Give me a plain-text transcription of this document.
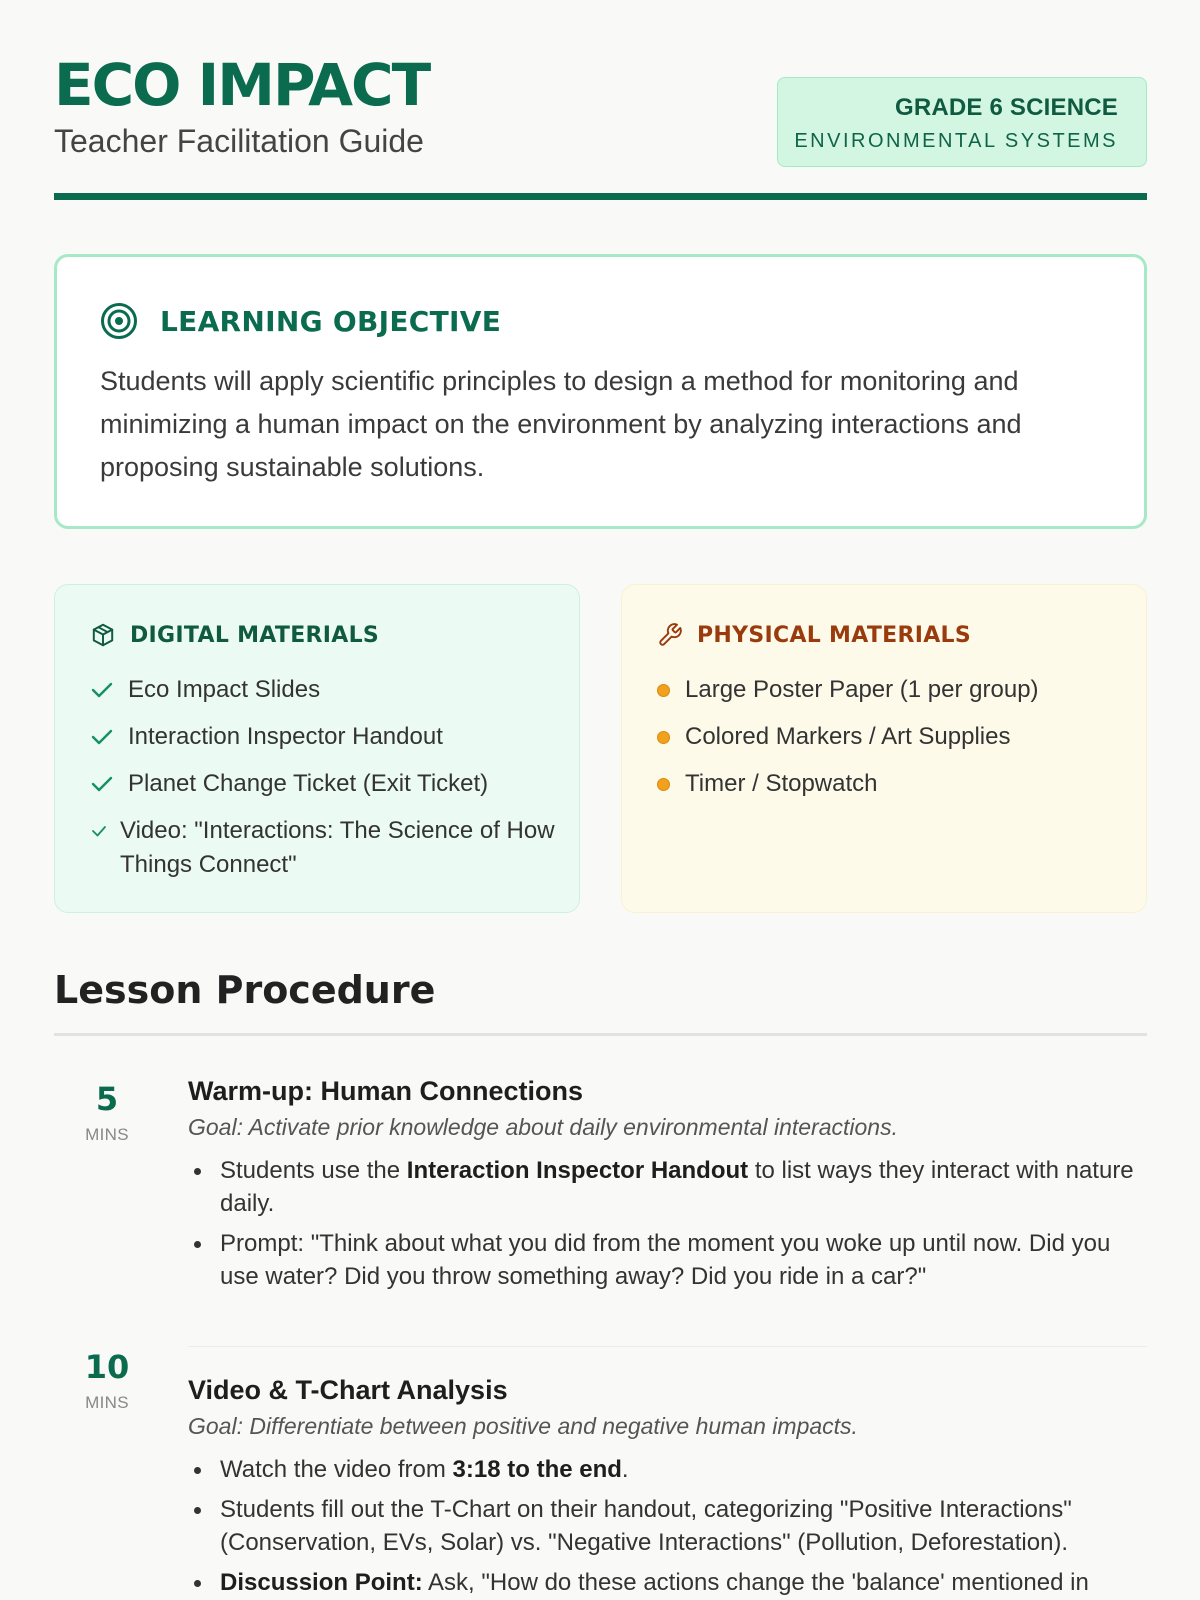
ECO IMPACT
Teacher Facilitation Guide
GRADE 6 SCIENCE
ENVIRONMENTAL SYSTEMS
LEARNING OBJECTIVE
Students will apply scientific principles to design a method for monitoring and minimizing a human impact on the environment by analyzing interactions and proposing sustainable solutions.
DIGITAL MATERIALS
Eco Impact Slides
Interaction Inspector Handout
Planet Change Ticket (Exit Ticket)
Video: "Interactions: The Science of How Things Connect"
PHYSICAL MATERIALS
Large Poster Paper (1 per group)
Colored Markers / Art Supplies
Timer / Stopwatch
Lesson Procedure
5
MINS
Warm-up: Human Connections
Goal: Activate prior knowledge about daily environmental interactions.
Students use the Interaction Inspector Handout to list ways they interact with nature daily.
Prompt: "Think about what you did from the moment you woke up until now. Did you use water? Did you throw something away? Did you ride in a car?"
10
MINS	Video & T-Chart Analysis
Goal: Differentiate between positive and negative human impacts.
Watch the video from 3:18 to the end.
Students fill out the T-Chart on their handout, categorizing "Positive Interactions" (Conservation, EVs, Solar) vs. "Negative Interactions" (Pollution, Deforestation).
Discussion Point: Ask, "How do these actions change the 'balance' mentioned in
